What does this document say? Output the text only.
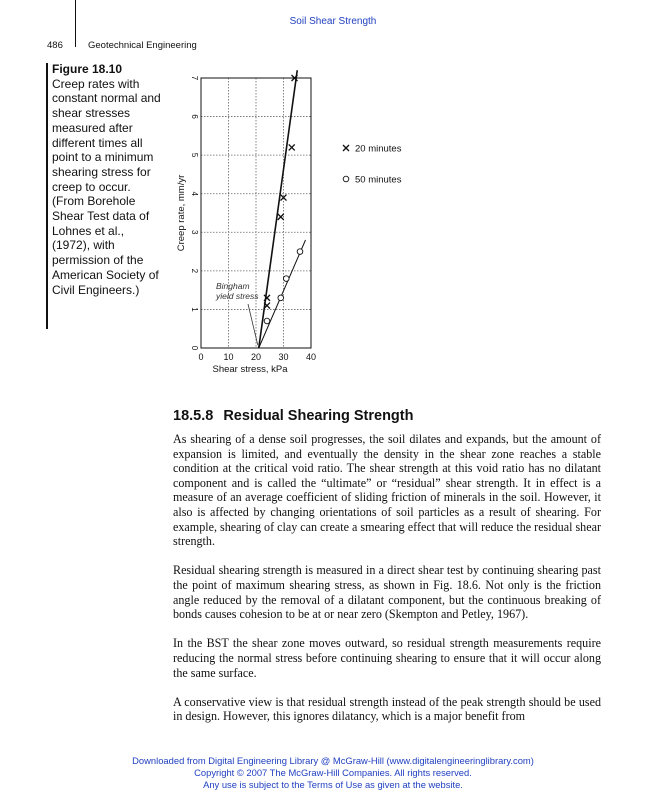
Soil Shear Strength
486	Geotechnical Engineering
Figure 18.10
Creep rates with constant normal and shear stresses measured after different times all point to a minimum shearing stress for creep to occur. (From Borehole Shear Test data of Lohnes et al., (1972), with permission of the American Society of Civil Engineers.)
0
1
2
3
4
5
6
7
0 10 20 30 40
Shear stress, kPa
Creep rate, mm/yr
Bingham
yield stress
20 minutes
50 minutes
18.5.8 Residual Shearing Strength

As shearing of a dense soil progresses, the soil dilates and expands, but the amount of expansion is limited, and eventually the density in the shear zone reaches a stable condition at the critical void ratio. The shear strength at this void ratio has no dilatant component and is called the “ultimate” or “residual” shear strength. It in effect is a measure of an average coefficient of sliding friction of minerals in the soil. However, it also is affected by changing orientations of soil particles as a result of shearing. For example, shearing of clay can create a smearing effect that will reduce the residual shear strength.

Residual shearing strength is measured in a direct shear test by continuing shearing past the point of maximum shearing stress, as shown in Fig. 18.6. Not only is the friction angle reduced by the removal of a dilatant component, but the continuous breaking of bonds causes cohesion to be at or near zero (Skempton and Petley, 1967).

In the BST the shear zone moves outward, so residual strength measurements require reducing the normal stress before continuing shearing to ensure that it will occur along the same surface.

A conservative view is that residual strength instead of the peak strength should be used in design. However, this ignores dilatancy, which is a major benefit from

Downloaded from Digital Engineering Library @ McGraw-Hill (www.digitalengineeringlibrary.com)
Copyright © 2007 The McGraw-Hill Companies. All rights reserved.
Any use is subject to the Terms of Use as given at the website.
